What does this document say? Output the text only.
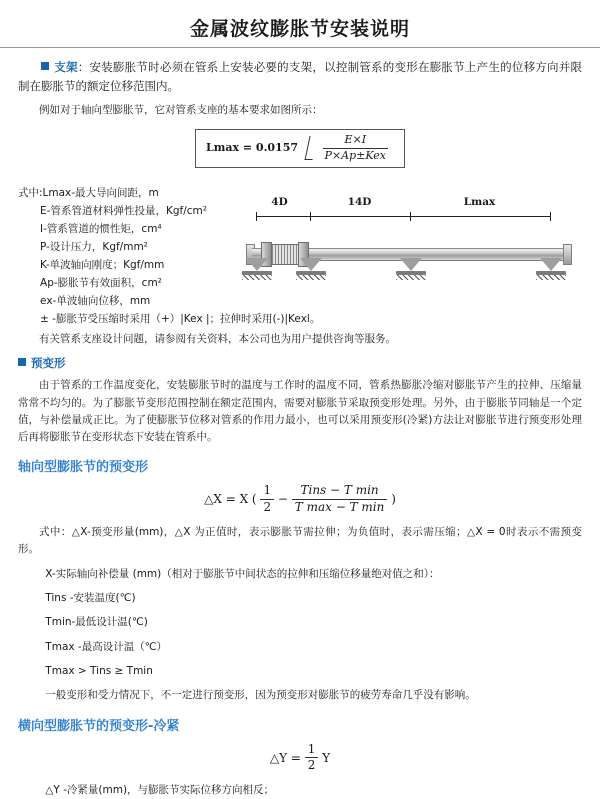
金属波纹膨胀节安装说明

支架：安装膨胀节时必须在管系上安装必要的支架，以控制管系的变形在膨胀节上产生的位移方向并限制在膨胀节的额定位移范围内。

例如对于轴向型膨胀节，它对管系支座的基本要求如图所示：

$Lmax = 0.0157 \frac{E\times I}{\text{P×Ap±Kex}}$
式中:Lmax-最大导向间距，m
E-管系管道材料弹性投量，Kgf/cm²
I-管系管道的惯性矩，cm⁴
P-设计压力，Kgf/mm²
K-单波轴向刚度；Kgf/mm
Ap-膨胀节有效面积，cm²
ex-单波轴向位移，mm
± -膨胀节受压缩时采用（+）|Kex |；拉伸时采用(-)|Kexl。
4D	14D	Lmax

有关管系支座设计问题，请参阅有关资料，本公司也为用户提供咨询等服务。

预变形

由于管系的工作温度变化，安装膨胀节时的温度与工作时的温度不同，管系热膨胀冷缩对膨胀节产生的拉伸、压缩量常常不均匀的。为了膨胀节变形范围控制在额定范围内，需要对膨胀节采取预变形处理。另外，由于膨胀节同轴是一个定值，与补偿量成正比。为了使膨胀节位移对管系的作用力最小，也可以采用预变形(冷紧)方法让对膨胀节进行预变形处理后再将膨胀节在变形状态下安装在管系中。

轴向型膨胀节的预变形
△X = X ( $\frac{1}{2} - \frac{\text{Tins − T min}}{\text{T max − T min}}$ )

式中：△X-预变形量(mm)，△X 为正值时，表示膨胀节需拉伸；为负值时，表示需压缩；△X = 0时表示不需预变形。

X-实际轴向补偿量 (mm)（相对于膨胀节中间状态的拉伸和压缩位移量绝对值之和）：

Tins -安装温度(℃)

Tmin-最低设计温(℃)

Tmax -最高设计温（℃）

Tmax > Tins ≥ Tmin

一般变形和受力情况下，不一定进行预变形，因为预变形对膨胀节的疲劳寿命几乎没有影响。

横向型膨胀节的预变形-冷紧
△Y = $\frac{1}{2}$ Y

△Y -冷紧量(mm)，与膨胀节实际位移方向相反；
